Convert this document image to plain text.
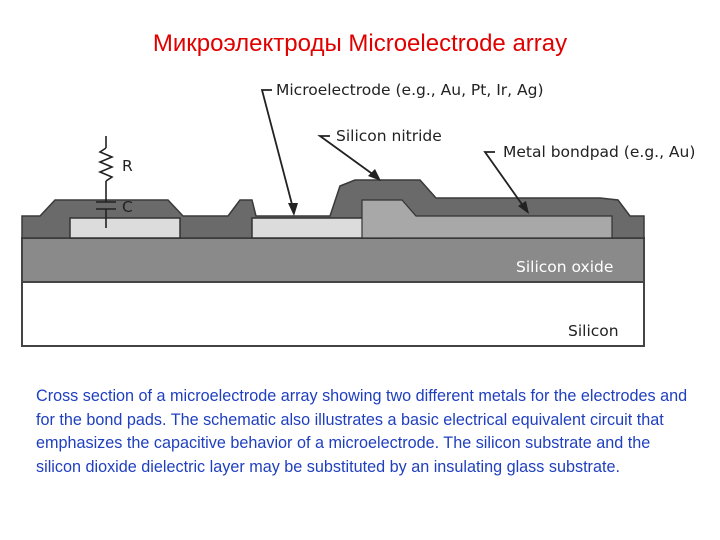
Микроэлектроды Microelectrode array
R
C
Microelectrode (e.g., Au, Pt, Ir, Ag)
Silicon nitride
Metal bondpad (e.g., Au)
Silicon oxide
Silicon
Cross section of a microelectrode array showing two different metals for the electrodes and for the bond pads. The schematic also illustrates a basic electrical equivalent circuit that emphasizes the capacitive behavior of a microelectrode. The silicon substrate and the silicon dioxide dielectric layer may be substituted by an insulating glass substrate.
